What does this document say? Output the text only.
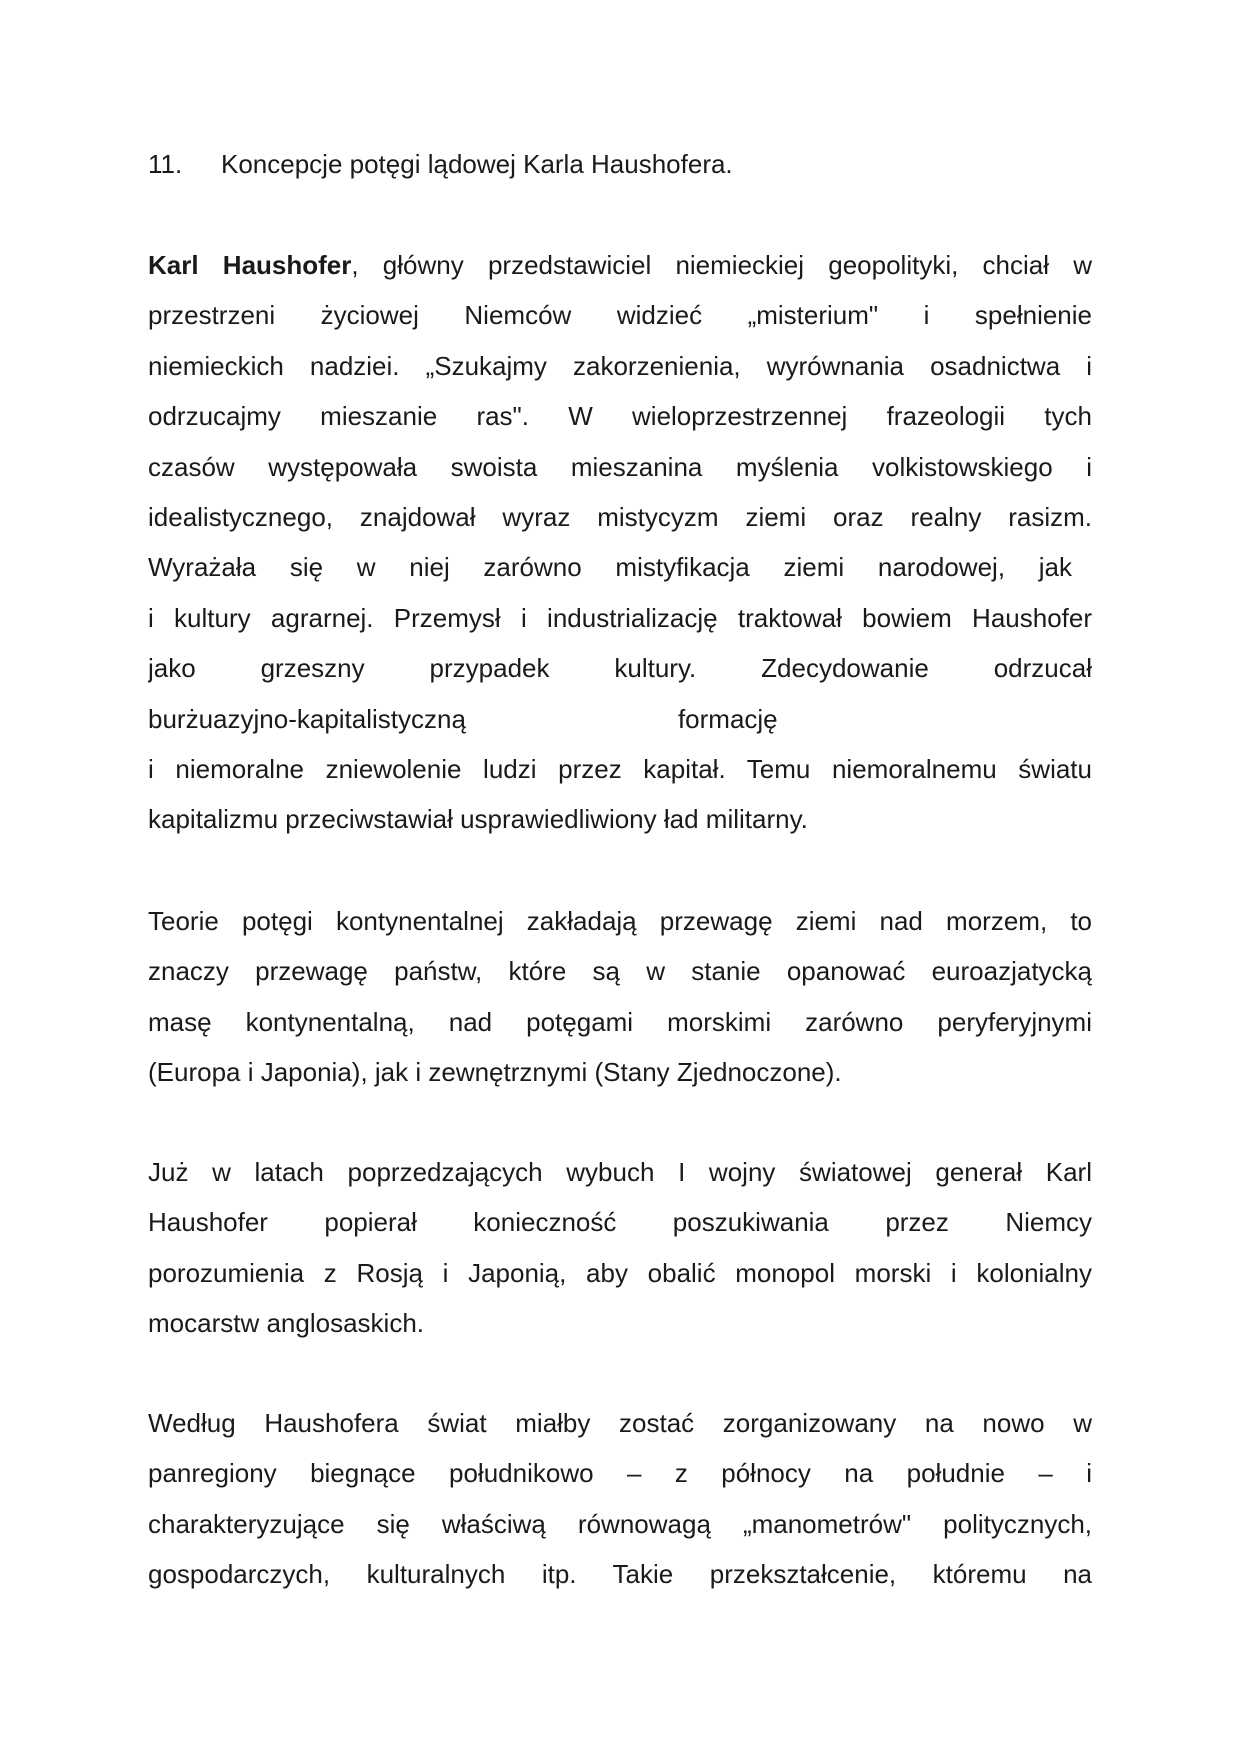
11. Koncepcje potęgi lądowej Karla Haushofera.
Karl Haushofer, główny przedstawiciel niemieckiej geopolityki, chciał w
przestrzeni życiowej Niemców widzieć „misterium" i spełnienie
niemieckich nadziei. „Szukajmy zakorzenienia, wyrównania osadnictwa i
odrzucajmy mieszanie ras". W wieloprzestrzennej frazeologii tych
czasów występowała swoista mieszanina myślenia volkistowskiego i
idealistycznego, znajdował wyraz mistycyzm ziemi oraz realny rasizm.
Wyrażała się w niej zarówno mistyfikacja ziemi narodowej, jak
i kultury agrarnej. Przemysł i industrializację traktował bowiem Haushofer
jako grzeszny przypadek kultury. Zdecydowanie odrzucał
burżuazyjno-kapitalistyczną	formację
i niemoralne zniewolenie ludzi przez kapitał. Temu niemoralnemu światu
kapitalizmu przeciwstawiał usprawiedliwiony ład militarny.
Teorie potęgi kontynentalnej zakładają przewagę ziemi nad morzem, to
znaczy przewagę państw, które są w stanie opanować euroazjatycką
masę kontynentalną, nad potęgami morskimi zarówno peryferyjnymi
(Europa i Japonia), jak i zewnętrznymi (Stany Zjednoczone).
Już w latach poprzedzających wybuch I wojny światowej generał Karl
Haushofer popierał konieczność poszukiwania przez Niemcy
porozumienia z Rosją i Japonią, aby obalić monopol morski i kolonialny
mocarstw anglosaskich.
Według Haushofera świat miałby zostać zorganizowany na nowo w
panregiony biegnące południkowo – z północy na południe – i
charakteryzujące się właściwą równowagą „manometrów" politycznych,
gospodarczych, kulturalnych itp. Takie przekształcenie, któremu na
